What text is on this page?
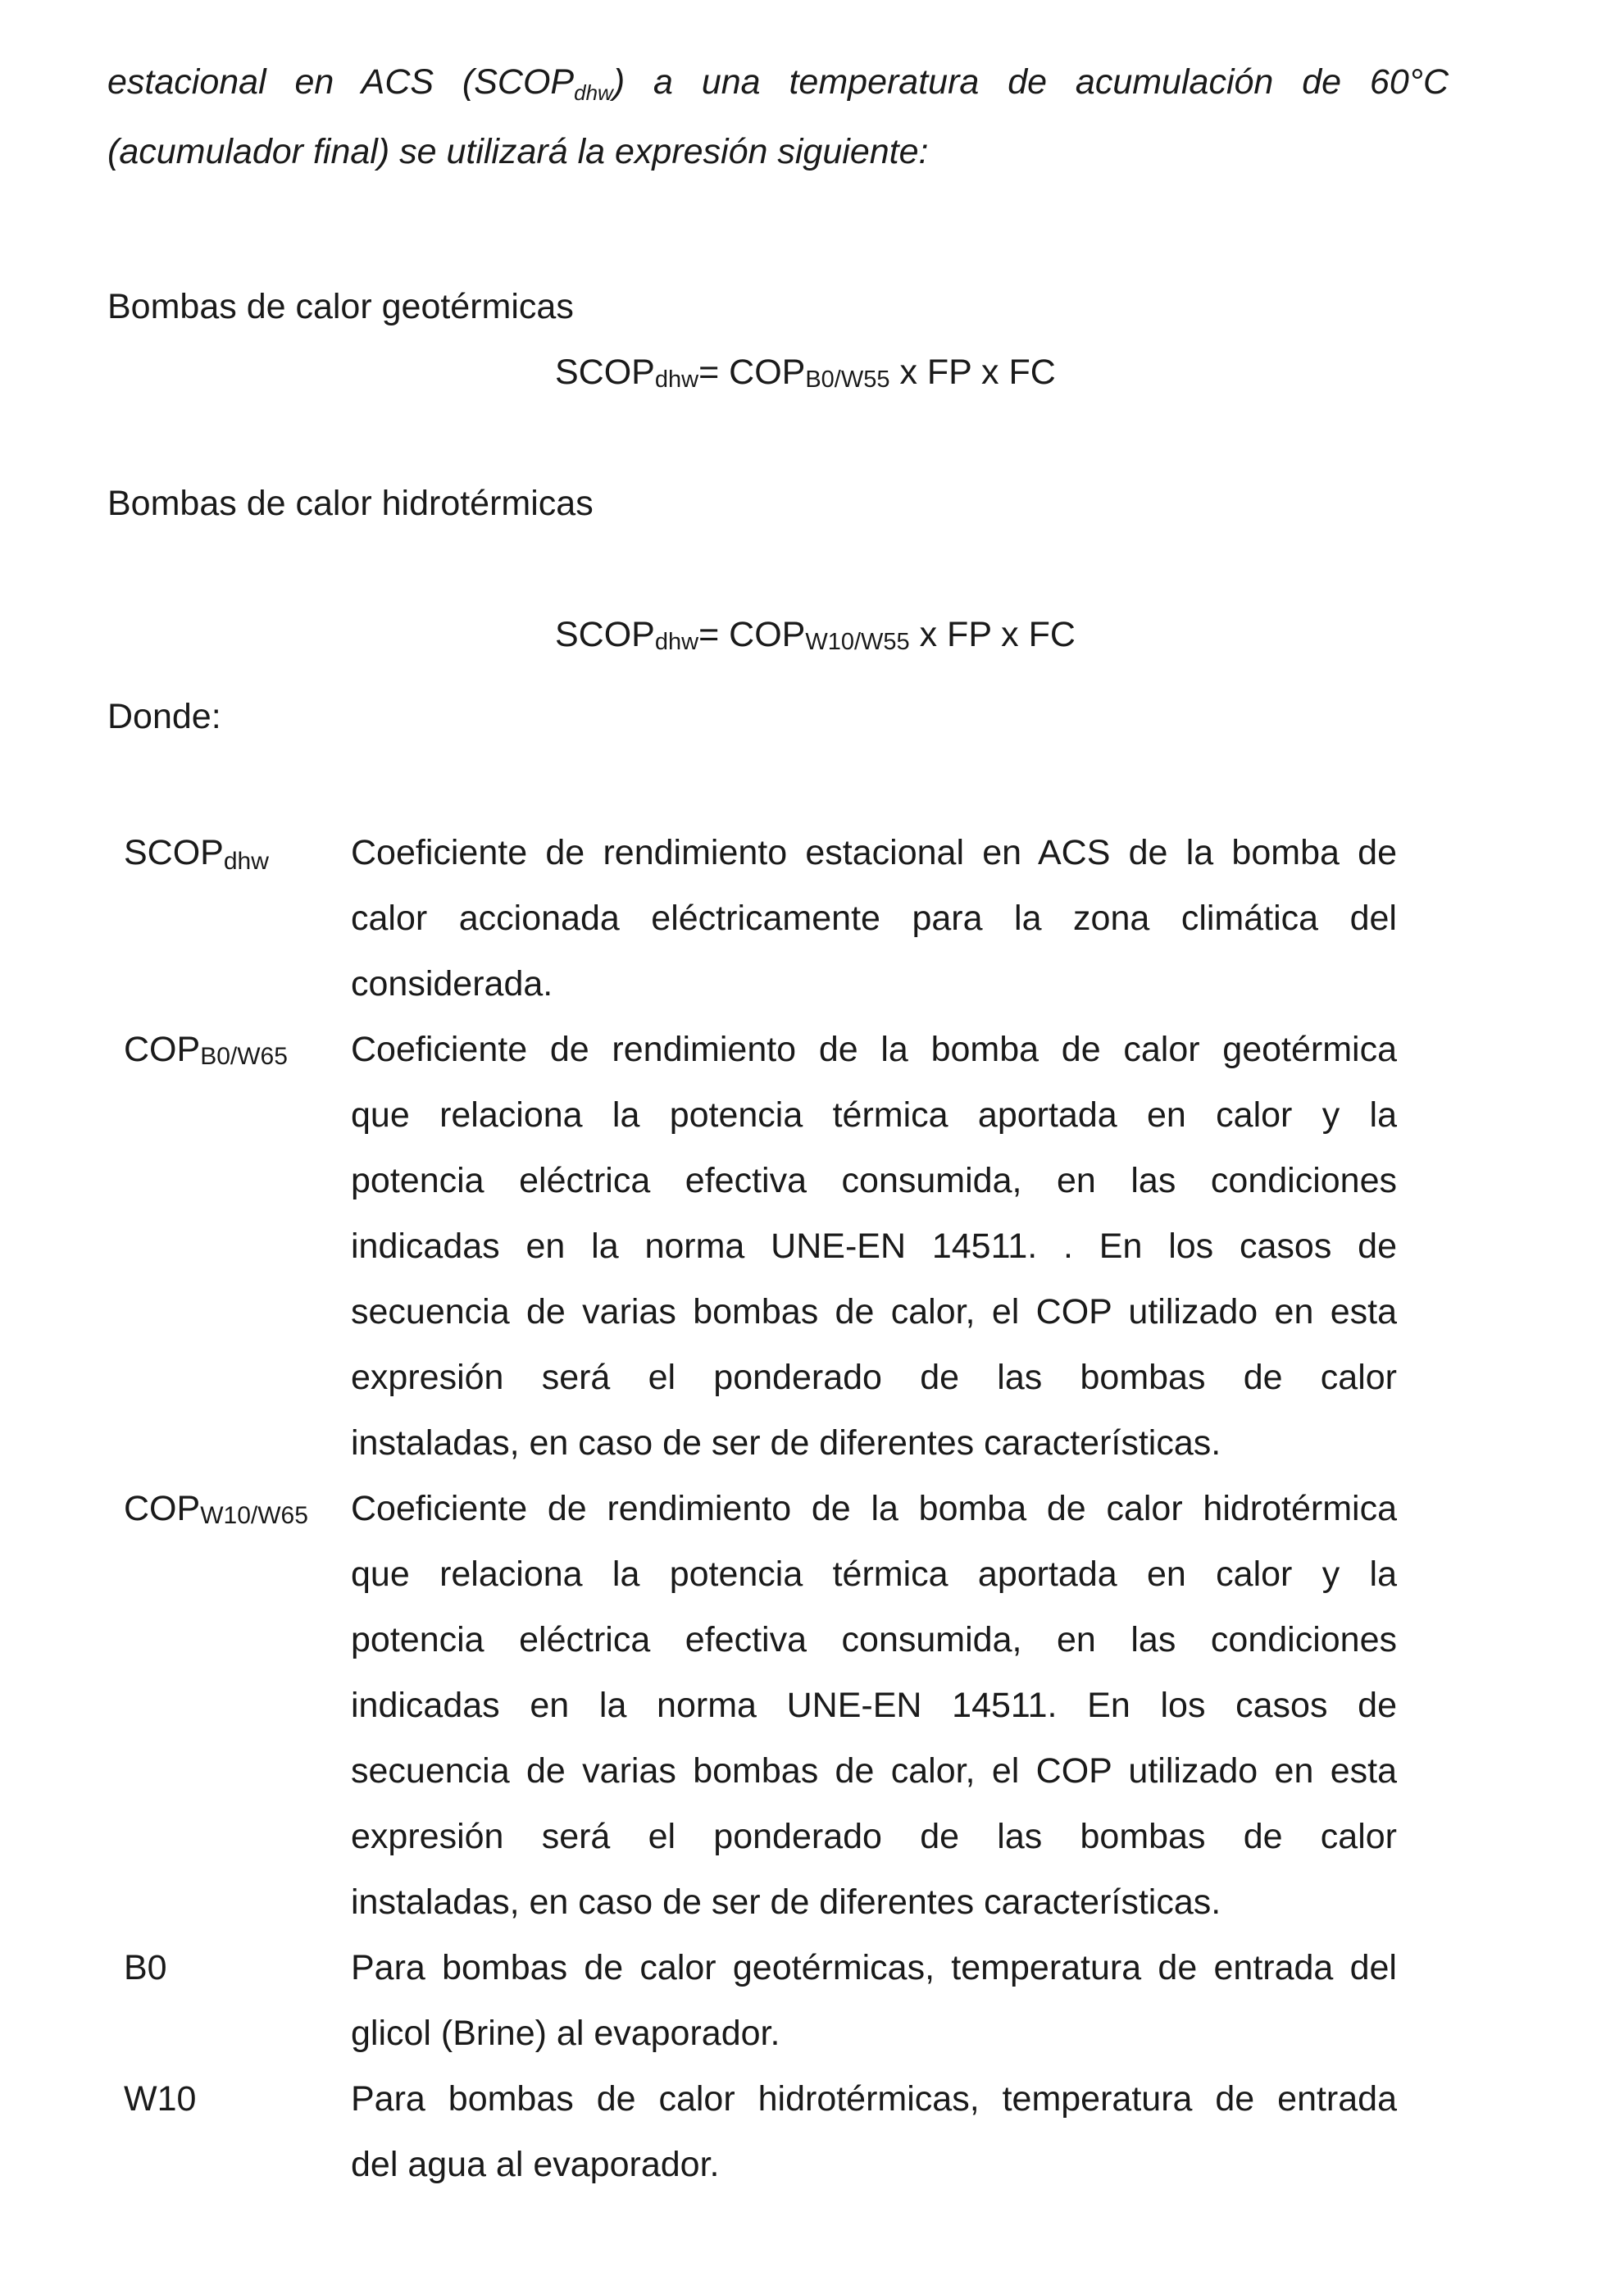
estacional en ACS (SCOPdhw) a una temperatura de acumulación de 60°C
(acumulador final) se utilizará la expresión siguiente:
Bombas de calor geotérmicas
SCOPdhw= COPB0/W55 x FP x FC
Bombas de calor hidrotérmicas
SCOPdhw= COPW10/W55 x FP x FC
Donde:
SCOPdhw Coeficiente de rendimiento estacional en ACS de la bomba de
calor accionada eléctricamente para la zona climática del
considerada.
COPB0/W65 Coeficiente de rendimiento de la bomba de calor geotérmica
que relaciona la potencia térmica aportada en calor y la
potencia eléctrica efectiva consumida, en las condiciones
indicadas en la norma UNE-EN 14511. . En los casos de
secuencia de varias bombas de calor, el COP utilizado en esta
expresión será el ponderado de las bombas de calor
instaladas, en caso de ser de diferentes características.
COPW10/W65 Coeficiente de rendimiento de la bomba de calor hidrotérmica
que relaciona la potencia térmica aportada en calor y la
potencia eléctrica efectiva consumida, en las condiciones
indicadas en la norma UNE-EN 14511. En los casos de
secuencia de varias bombas de calor, el COP utilizado en esta
expresión será el ponderado de las bombas de calor
instaladas, en caso de ser de diferentes características.
B0	Para bombas de calor geotérmicas, temperatura de entrada del
glicol (Brine) al evaporador.
W10	Para bombas de calor hidrotérmicas, temperatura de entrada
del agua al evaporador.
